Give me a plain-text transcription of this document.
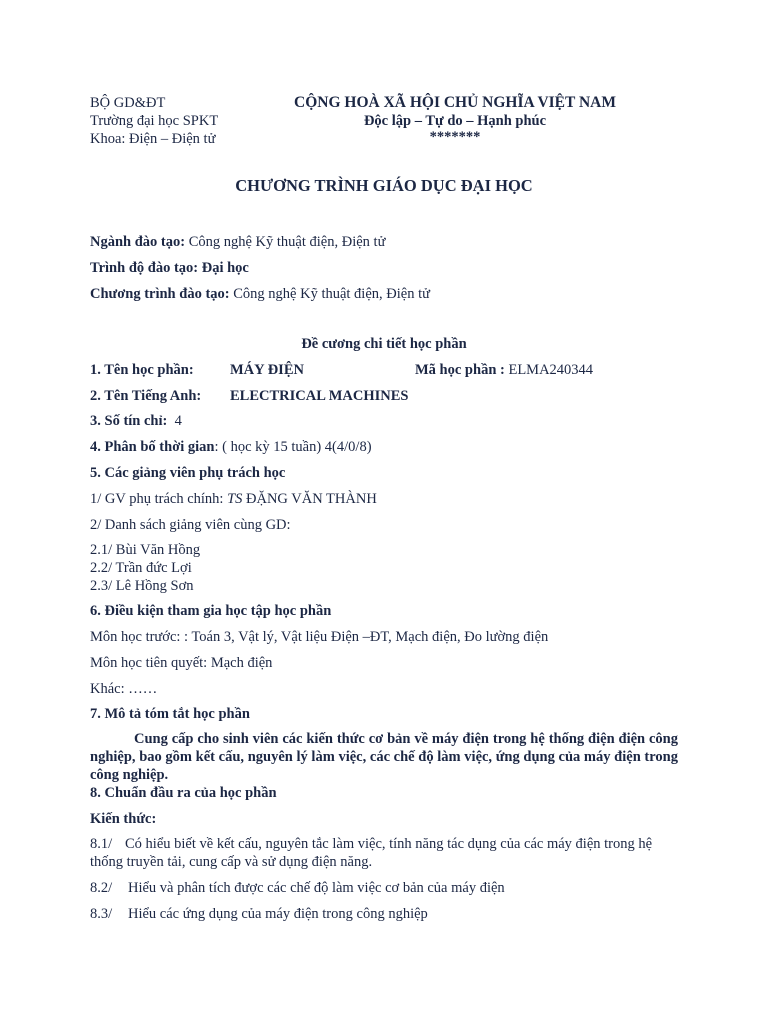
BỘ GD&ĐT
Trường đại học SPKT
Khoa: Điện – Điện tử
CỘNG HOÀ XÃ HỘI CHỦ NGHĨA VIỆT NAM
Độc lập – Tự do – Hạnh phúc
*******
CHƯƠNG TRÌNH GIÁO DỤC ĐẠI HỌC
Ngành đào tạo: Công nghệ Kỹ thuật điện, Điện tử
Trình độ đào tạo: Đại học
Chương trình đào tạo: Công nghệ Kỹ thuật điện, Điện tử
Đề cương chi tiết học phần
1. Tên học phần:	MÁY ĐIỆN	Mã học phần : ELMA240344
2. Tên Tiếng Anh: ELECTRICAL MACHINES
3. Số tín chỉ: 4
4. Phân bố thời gian: ( học kỳ 15 tuần) 4(4/0/8)
5. Các giảng viên phụ trách học
1/ GV phụ trách chính: TS ĐẶNG VĂN THÀNH
2/ Danh sách giảng viên cùng GD:
2.1/ Bùi Văn Hồng
2.2/ Trần đức Lợi
2.3/ Lê Hồng Sơn
6. Điều kiện tham gia học tập học phần
Môn học trước: : Toán 3, Vật lý, Vật liệu Điện –ĐT, Mạch điện, Đo lường điện
Môn học tiên quyết: Mạch điện
Khác: ……
7. Mô tả tóm tắt học phần
Cung cấp cho sinh viên các kiến thức cơ bản về máy điện trong hệ thống điện điện công nghiệp, bao gồm kết cấu, nguyên lý làm việc, các chế độ làm việc, ứng dụng của máy điện trong công nghiệp.
8. Chuẩn đầu ra của học phần
Kiến thức:
8.1/ Có hiểu biết về kết cấu, nguyên tắc làm việc, tính năng tác dụng của các máy điện trong hệ
thống truyền tải, cung cấp và sử dụng điện năng.
8.2/ Hiểu và phân tích được các chế độ làm việc cơ bản của máy điện
8.3/ Hiểu các ứng dụng của máy điện trong công nghiệp
